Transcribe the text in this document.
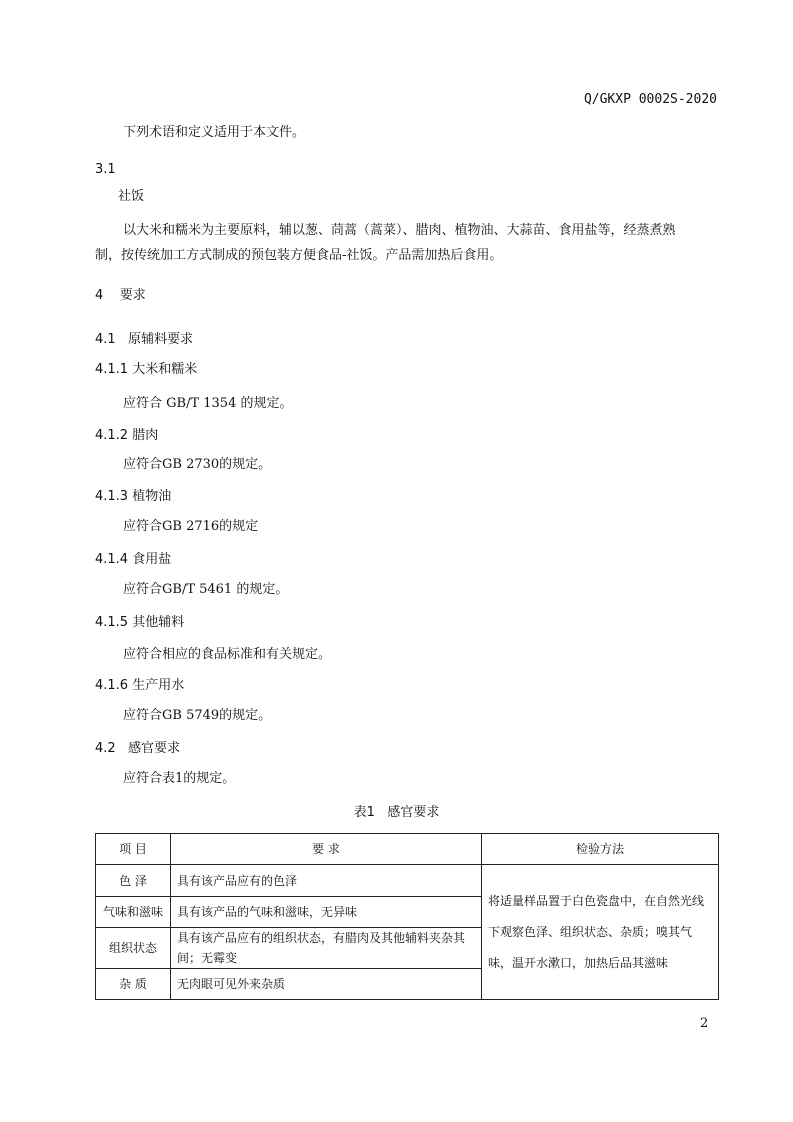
Q/GKXP 0002S-2020
下列术语和定义适用于本文件。
3.1
社饭
以大米和糯米为主要原料，辅以葱、茼蒿（蒿菜）、腊肉、植物油、大蒜苗、食用盐等，经蒸煮熟
制，按传统加工方式制成的预包装方便食品-社饭。产品需加热后食用。
4    要求
4.1   原辅料要求
4.1.1 大米和糯米
应符合 GB/T 1354 的规定。
4.1.2 腊肉
应符合GB 2730的规定。
4.1.3 植物油
应符合GB 2716的规定
4.1.4 食用盐
应符合GB/T 5461 的规定。
4.1.5 其他辅料
应符合相应的食品标准和有关规定。
4.1.6 生产用水
应符合GB 5749的规定。
4.2   感官要求
应符合表1的规定。
表1   感官要求
项 目	要 求	检验方法
色 泽	具有该产品应有的色泽	将适量样品置于白色瓷盘中，在自然光线下观察色泽、组织状态、杂质；嗅其气味，温开水漱口，加热后品其滋味
气味和滋味	具有该产品的气味和滋味，无异味	
组织状态	具有该产品应有的组织状态，有腊肉及其他辅料夹杂其间；无霉变	
杂 质	无肉眼可见外来杂质	
2
